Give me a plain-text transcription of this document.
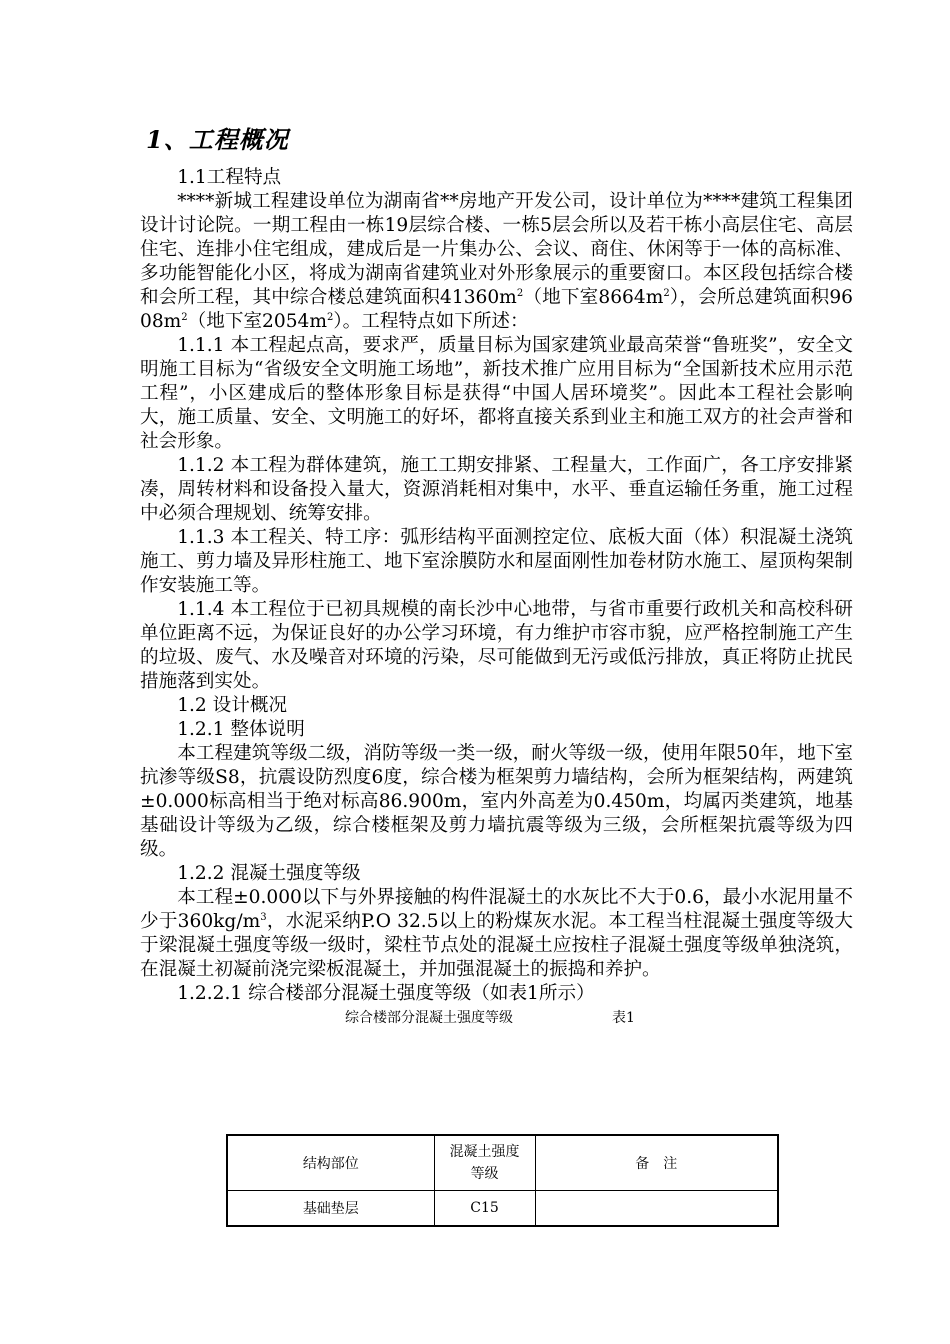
1、工程概况

1.1工程特点

****新城工程建设单位为湖南省**房地产开发公司，设计单位为****建筑工程集团设计讨论院。一期工程由一栋19层综合楼、一栋5层会所以及若干栋小高层住宅、高层住宅、连排小住宅组成，建成后是一片集办公、会议、商住、休闲等于一体的高标准、多功能智能化小区，将成为湖南省建筑业对外形象展示的重要窗口。本区段包括综合楼和会所工程，其中综合楼总建筑面积$41360m^2$（地下室$8664m^2$），会所总建筑面积$9608m^2$（地下室$2054m^2$）。工程特点如下所述：

1.1.1 本工程起点高，要求严，质量目标为国家建筑业最高荣誉“鲁班奖”，安全文明施工目标为“省级安全文明施工场地”，新技术推广应用目标为“全国新技术应用示范工程”，小区建成后的整体形象目标是获得“中国人居环境奖”。因此本工程社会影响大，施工质量、安全、文明施工的好坏，都将直接关系到业主和施工双方的社会声誉和社会形象。

1.1.2 本工程为群体建筑，施工工期安排紧、工程量大，工作面广，各工序安排紧凑，周转材料和设备投入量大，资源消耗相对集中，水平、垂直运输任务重，施工过程中必须合理规划、统筹安排。

1.1.3 本工程关、特工序：弧形结构平面测控定位、底板大面（体）积混凝土浇筑施工、剪力墙及异形柱施工、地下室涂膜防水和屋面刚性加卷材防水施工、屋顶构架制作安装施工等。

1.1.4 本工程位于已初具规模的南长沙中心地带，与省市重要行政机关和高校科研单位距离不远，为保证良好的办公学习环境，有力维护市容市貌，应严格控制施工产生的垃圾、废气、水及噪音对环境的污染，尽可能做到无污或低污排放，真正将防止扰民措施落到实处。

1.2 设计概况

1.2.1 整体说明

本工程建筑等级二级，消防等级一类一级，耐火等级一级，使用年限50年，地下室抗渗等级S8，抗震设防烈度6度，综合楼为框架剪力墙结构，会所为框架结构，两建筑±0.000标高相当于绝对标高86.900m，室内外高差为0.450m，均属丙类建筑，地基基础设计等级为乙级，综合楼框架及剪力墙抗震等级为三级，会所框架抗震等级为四级。

1.2.2 混凝土强度等级

本工程±0.000以下与外界接触的构件混凝土的水灰比不大于0.6，最小水泥用量不少于$360kg/m^3$，水泥采纳P.O 32.5以上的粉煤灰水泥。本工程当柱混凝土强度等级大于梁混凝土强度等级一级时，梁柱节点处的混凝土应按柱子混凝土强度等级单独浇筑，在混凝土初凝前浇完梁板混凝土，并加强混凝土的振捣和养护。

1.2.2.1 综合楼部分混凝土强度等级（如表1所示）

综合楼部分混凝土强度等级	表1
结构部位	混凝土强度等级	备　注
基础垫层	C15	
